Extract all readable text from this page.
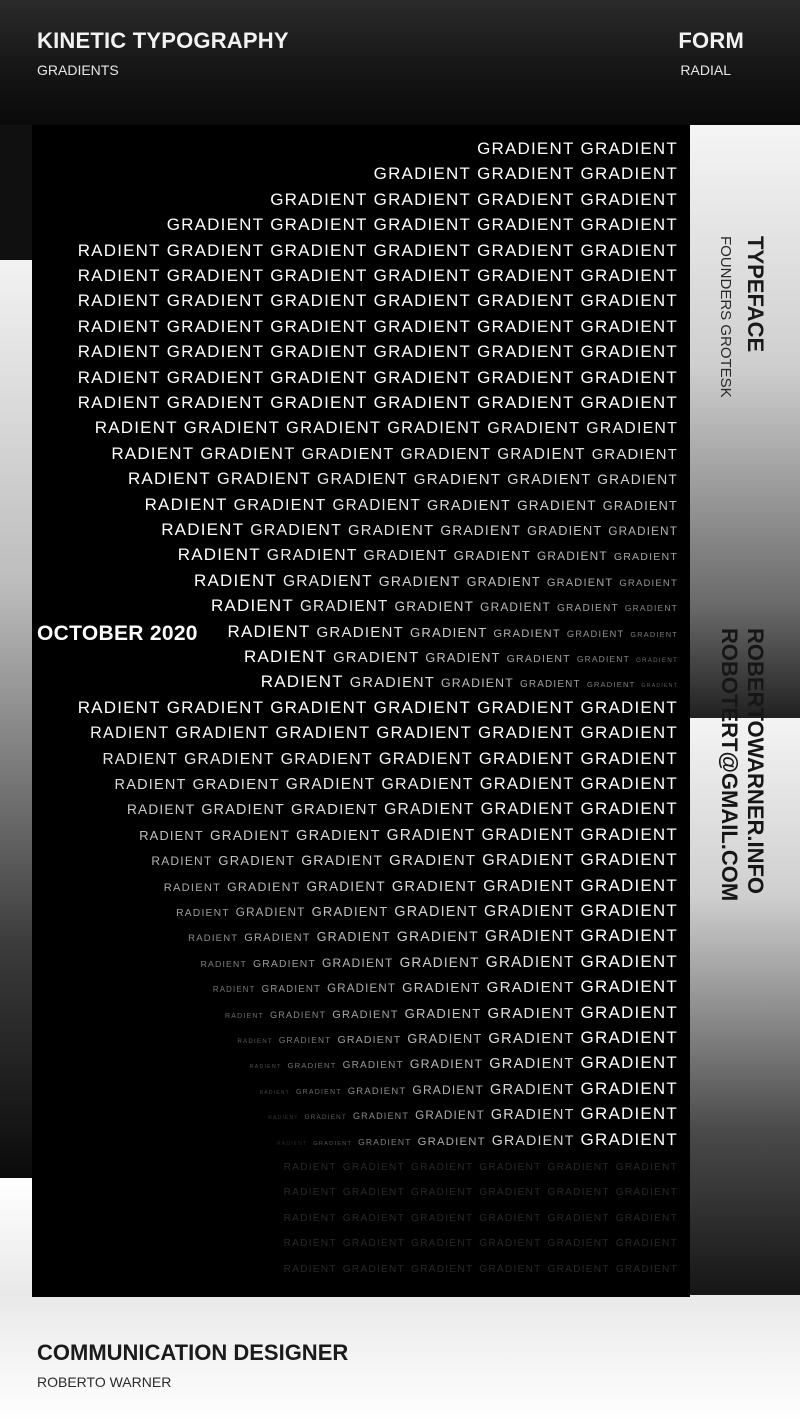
KINETIC TYPOGRAPHY
GRADIENTS
FORM
RADIAL
GRADIENT GRADIENT
GRADIENT GRADIENT GRADIENT
GRADIENT GRADIENT GRADIENT GRADIENT
GRADIENT GRADIENT GRADIENT GRADIENT GRADIENT
RADIENT GRADIENT GRADIENT GRADIENT GRADIENT GRADIENT
RADIENT GRADIENT GRADIENT GRADIENT GRADIENT GRADIENT
RADIENT GRADIENT GRADIENT GRADIENT GRADIENT GRADIENT
RADIENT GRADIENT GRADIENT GRADIENT GRADIENT GRADIENT
RADIENT GRADIENT GRADIENT GRADIENT GRADIENT GRADIENT
RADIENT GRADIENT GRADIENT GRADIENT GRADIENT GRADIENT
RADIENT GRADIENT GRADIENT GRADIENT GRADIENT GRADIENT
RADIENT GRADIENT GRADIENT GRADIENT GRADIENT GRADIENT
RADIENT GRADIENT GRADIENT GRADIENT GRADIENT GRADIENT
RADIENT GRADIENT GRADIENT GRADIENT GRADIENT GRADIENT
RADIENT GRADIENT GRADIENT GRADIENT GRADIENT GRADIENT
RADIENT GRADIENT GRADIENT GRADIENT GRADIENT GRADIENT
RADIENT GRADIENT GRADIENT GRADIENT GRADIENT GRADIENT
RADIENT GRADIENT GRADIENT GRADIENT GRADIENT GRADIENT
RADIENT GRADIENT GRADIENT GRADIENT GRADIENT GRADIENT
RADIENT GRADIENT GRADIENT GRADIENT GRADIENT GRADIENT
RADIENT GRADIENT GRADIENT GRADIENT GRADIENT GRADIENT
RADIENT GRADIENT GRADIENT GRADIENT GRADIENT GRADIENT
RADIENT GRADIENT GRADIENT GRADIENT GRADIENT GRADIENT
RADIENT GRADIENT GRADIENT GRADIENT GRADIENT GRADIENT
RADIENT GRADIENT GRADIENT GRADIENT GRADIENT GRADIENT
RADIENT GRADIENT GRADIENT GRADIENT GRADIENT GRADIENT
RADIENT GRADIENT GRADIENT GRADIENT GRADIENT GRADIENT
RADIENT GRADIENT GRADIENT GRADIENT GRADIENT GRADIENT
RADIENT GRADIENT GRADIENT GRADIENT GRADIENT GRADIENT
RADIENT GRADIENT GRADIENT GRADIENT GRADIENT GRADIENT
RADIENT GRADIENT GRADIENT GRADIENT GRADIENT GRADIENT
RADIENT GRADIENT GRADIENT GRADIENT GRADIENT GRADIENT
RADIENT GRADIENT GRADIENT GRADIENT GRADIENT GRADIENT
RADIENT GRADIENT GRADIENT GRADIENT GRADIENT GRADIENT
RADIENT GRADIENT GRADIENT GRADIENT GRADIENT GRADIENT
RADIENT GRADIENT GRADIENT GRADIENT GRADIENT GRADIENT
RADIENT GRADIENT GRADIENT GRADIENT GRADIENT GRADIENT
RADIENT GRADIENT GRADIENT GRADIENT GRADIENT GRADIENT
RADIENT GRADIENT GRADIENT GRADIENT GRADIENT GRADIENT
RADIENT GRADIENT GRADIENT GRADIENT GRADIENT GRADIENT
RADIENT GRADIENT GRADIENT GRADIENT GRADIENT GRADIENT
RADIENT GRADIENT GRADIENT GRADIENT GRADIENT GRADIENT
RADIENT GRADIENT GRADIENT GRADIENT GRADIENT GRADIENT
RADIENT GRADIENT GRADIENT GRADIENT GRADIENT GRADIENT
RADIENT GRADIENT GRADIENT GRADIENT GRADIENT GRADIENT
OCTOBER 2020
TYPEFACE
FOUNDERS GROTESK
ROBERTOWARNER.INFO
ROBOTERT@GMAIL.COM
COMMUNICATION DESIGNER
ROBERTO WARNER
